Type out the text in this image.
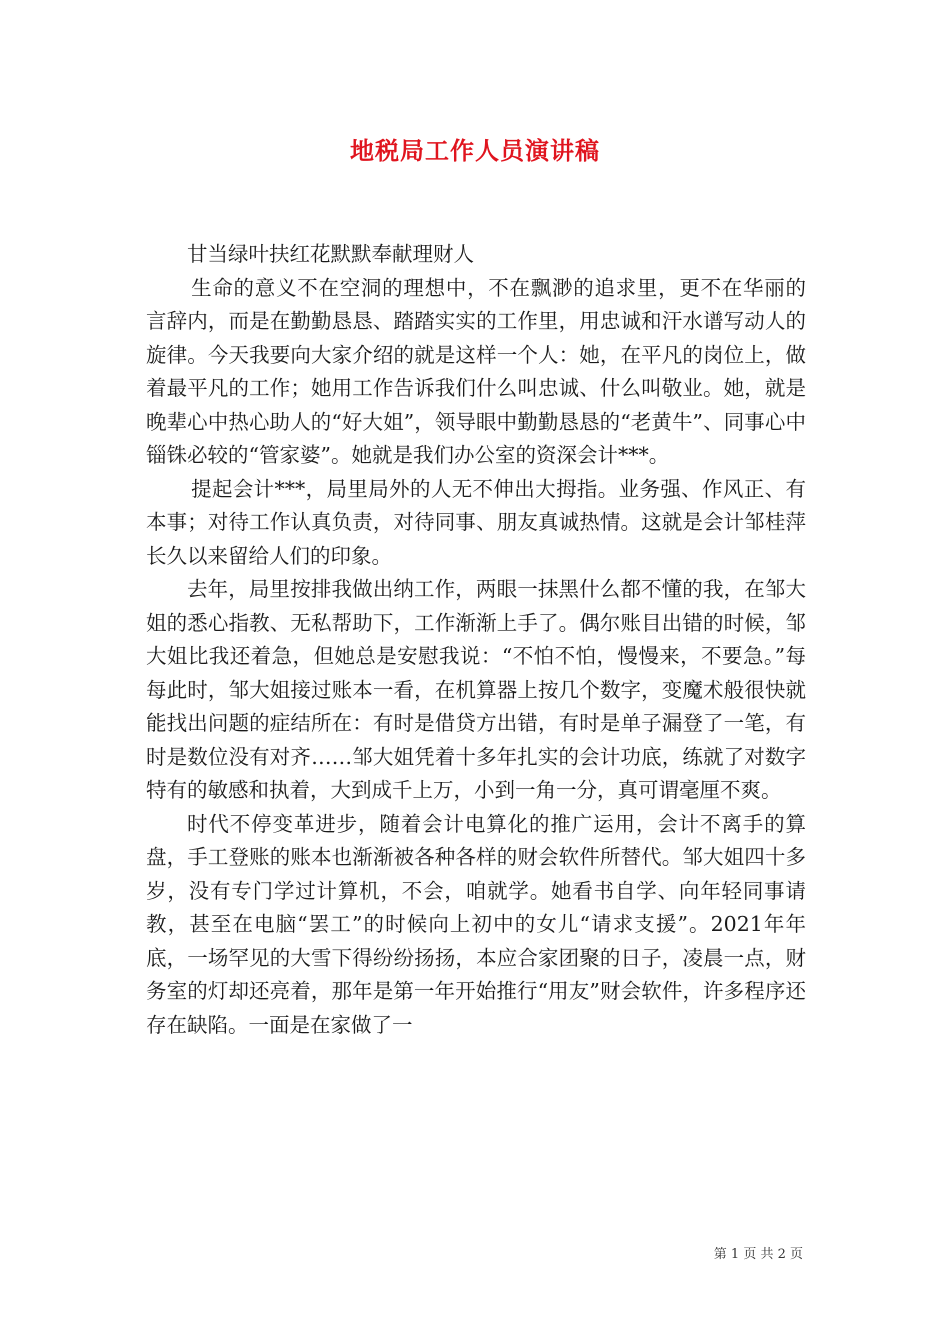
地税局工作人员演讲稿

甘当绿叶扶红花默默奉献理财人

生命的意义不在空洞的理想中，不在飘渺的追求里，更不在华丽的言辞内，而是在勤勤恳恳、踏踏实实的工作里，用忠诚和汗水谱写动人的旋律。今天我要向大家介绍的就是这样一个人：她，在平凡的岗位上，做着最平凡的工作；她用工作告诉我们什么叫忠诚、什么叫敬业。她，就是晚辈心中热心助人的“好大姐”，领导眼中勤勤恳恳的“老黄牛”、同事心中锱铢必较的“管家婆”。她就是我们办公室的资深会计***。

提起会计***，局里局外的人无不伸出大拇指。业务强、作风正、有本事；对待工作认真负责，对待同事、朋友真诚热情。这就是会计邹桂萍长久以来留给人们的印象。

去年，局里按排我做出纳工作，两眼一抹黑什么都不懂的我，在邹大姐的悉心指教、无私帮助下，工作渐渐上手了。偶尔账目出错的时候，邹大姐比我还着急，但她总是安慰我说：“不怕不怕，慢慢来，不要急。”每每此时，邹大姐接过账本一看，在机算器上按几个数字，变魔术般很快就能找出问题的症结所在：有时是借贷方出错，有时是单子漏登了一笔，有时是数位没有对齐……邹大姐凭着十多年扎实的会计功底，练就了对数字特有的敏感和执着，大到成千上万，小到一角一分，真可谓毫厘不爽。

时代不停变革进步，随着会计电算化的推广运用，会计不离手的算盘，手工登账的账本也渐渐被各种各样的财会软件所替代。邹大姐四十多岁，没有专门学过计算机，不会，咱就学。她看书自学、向年轻同事请教，甚至在电脑“罢工”的时候向上初中的女儿“请求支援”。2021年年底，一场罕见的大雪下得纷纷扬扬，本应合家团聚的日子，凌晨一点，财务室的灯却还亮着，那年是第一年开始推行“用友”财会软件，许多程序还存在缺陷。一面是在家做了一

第 1 页 共 2 页
